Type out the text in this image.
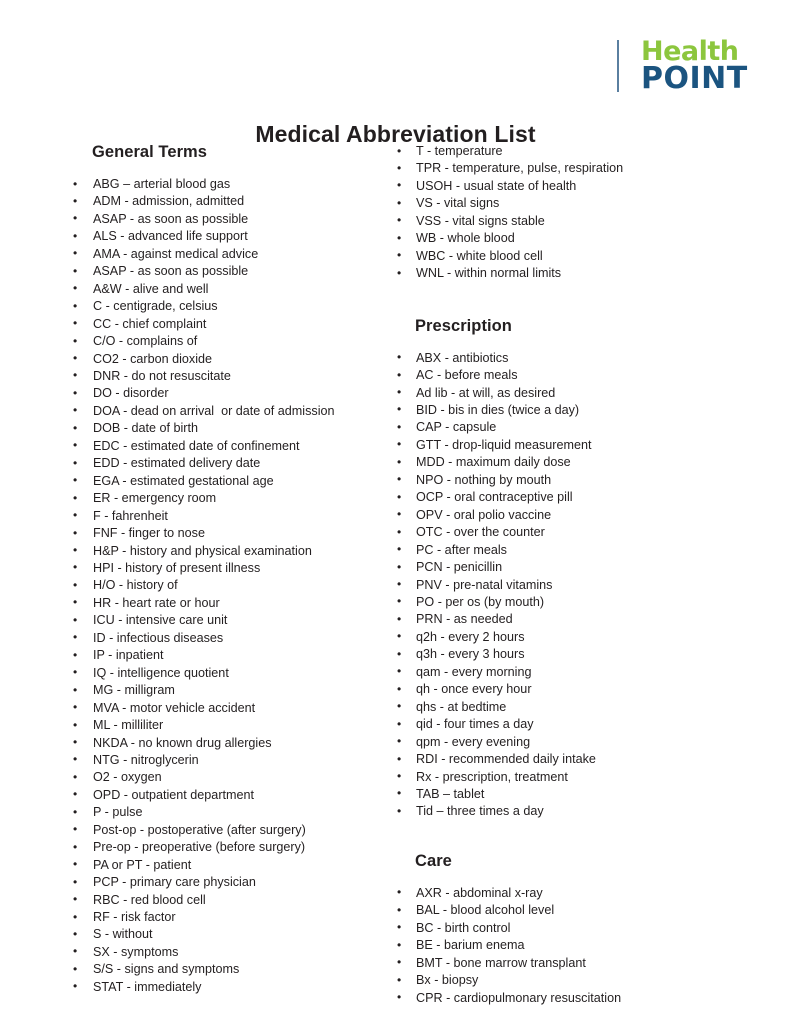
Health
POINT
Medical Abbreviation List
General Terms
• ABG – arterial blood gas
• ADM - admission, admitted
• ASAP - as soon as possible
• ALS - advanced life support
• AMA - against medical advice
• ASAP - as soon as possible
• A&W - alive and well
• C - centigrade, celsius
• CC - chief complaint
• C/O - complains of
• CO2 - carbon dioxide
• DNR - do not resuscitate
• DO - disorder
• DOA - dead on arrival  or date of admission
• DOB - date of birth
• EDC - estimated date of confinement
• EDD - estimated delivery date
• EGA - estimated gestational age
• ER - emergency room
• F - fahrenheit
• FNF - finger to nose
• H&P - history and physical examination
• HPI - history of present illness
• H/O - history of
• HR - heart rate or hour
• ICU - intensive care unit
• ID - infectious diseases
• IP - inpatient
• IQ - intelligence quotient
• MG - milligram
• MVA - motor vehicle accident
• ML - milliliter
• NKDA - no known drug allergies
• NTG - nitroglycerin
• O2 - oxygen
• OPD - outpatient department
• P - pulse
• Post-op - postoperative (after surgery)
• Pre-op - preoperative (before surgery)
• PA or PT - patient
• PCP - primary care physician
• RBC - red blood cell
• RF - risk factor
• S - without
• SX - symptoms
• S/S - signs and symptoms
• STAT - immediately
• T - temperature
• TPR - temperature, pulse, respiration
• USOH - usual state of health
• VS - vital signs
• VSS - vital signs stable
• WB - whole blood
• WBC - white blood cell
• WNL - within normal limits
Prescription
• ABX - antibiotics
• AC - before meals
• Ad lib - at will, as desired
• BID - bis in dies (twice a day)
• CAP - capsule
• GTT - drop-liquid measurement
• MDD - maximum daily dose
• NPO - nothing by mouth
• OCP - oral contraceptive pill
• OPV - oral polio vaccine
• OTC - over the counter
• PC - after meals
• PCN - penicillin
• PNV - pre-natal vitamins
• PO - per os (by mouth)
• PRN - as needed
• q2h - every 2 hours
• q3h - every 3 hours
• qam - every morning
• qh - once every hour
• qhs - at bedtime
• qid - four times a day
• qpm - every evening
• RDI - recommended daily intake
• Rx - prescription, treatment
• TAB – tablet
• Tid – three times a day
Care
• AXR - abdominal x-ray
• BAL - blood alcohol level
• BC - birth control
• BE - barium enema
• BMT - bone marrow transplant
• Bx - biopsy
• CPR - cardiopulmonary resuscitation
